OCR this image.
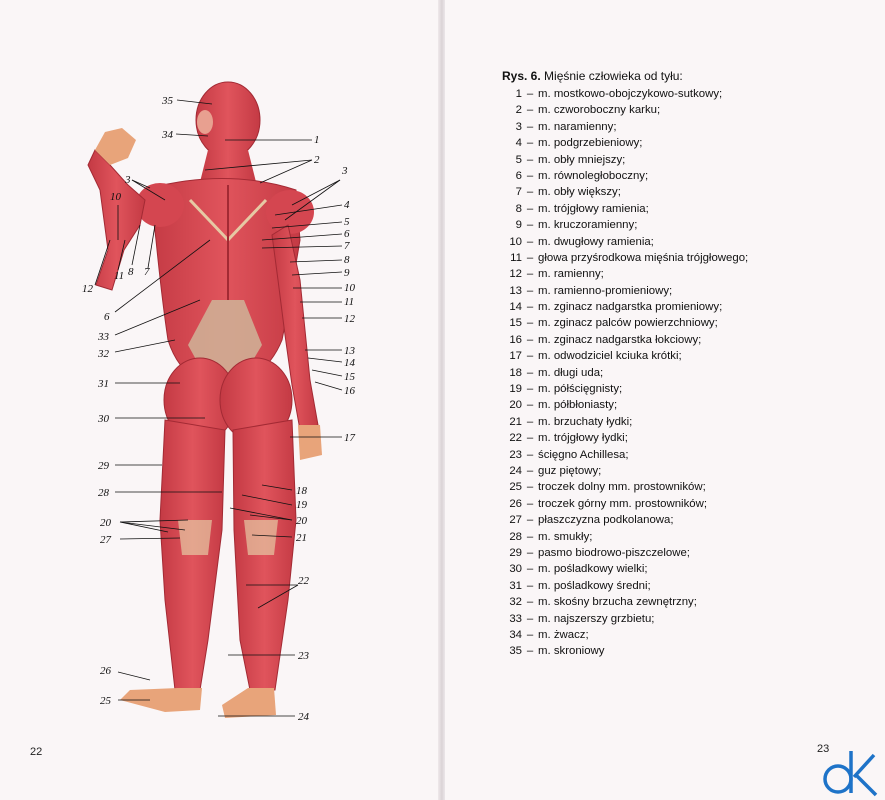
35
34	1
2
3
3
4
5
6
7
8
9
10
10
11
11
12
12
7
8
6
33
32	13
14
15
16
31
30
17
29
28	18
19
20	20
27	21
22
23
26
25
24
22
Rys. 6. Mięśnie człowieka od tyłu:
1 – m. mostkowo-obojczykowo-sutkowy;
2 – m. czworoboczny karku;
3 – m. naramienny;
4 – m. podgrzebieniowy;
5 – m. obły mniejszy;
6 – m. równoległoboczny;
7 – m. obły większy;
8 – m. trójgłowy ramienia;
9 – m. kruczoramienny;
10 – m. dwugłowy ramienia;
11 – głowa przyśrodkowa mięśnia trójgłowego;
12 – m. ramienny;
13 – m. ramienno-promieniowy;
14 – m. zginacz nadgarstka promieniowy;
15 – m. zginacz palców powierzchniowy;
16 – m. zginacz nadgarstka łokciowy;
17 – m. odwodziciel kciuka krótki;
18 – m. długi uda;
19 – m. półścięgnisty;
20 – m. półbłoniasty;
21 – m. brzuchaty łydki;
22 – m. trójgłowy łydki;
23 – ścięgno Achillesa;
24 – guz piętowy;
25 – troczek dolny mm. prostowników;
26 – troczek górny mm. prostowników;
27 – płaszczyzna podkolanowa;
28 – m. smukły;
29 – pasmo biodrowo-piszczelowe;
30 – m. pośladkowy wielki;
31 – m. pośladkowy średni;
32 – m. skośny brzucha zewnętrzny;
33 – m. najszerszy grzbietu;
34 – m. żwacz;
35 – m. skroniowy
23
